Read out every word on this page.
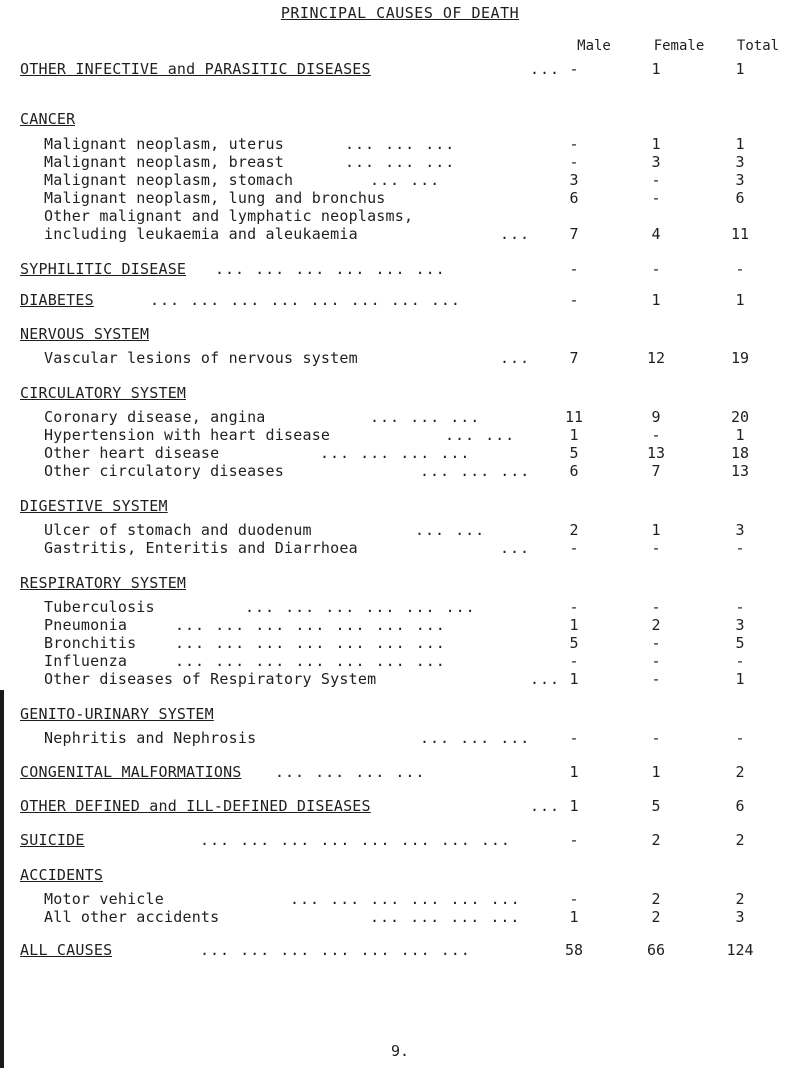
PRINCIPAL CAUSES OF DEATH
Male	Female	Total
OTHER INFECTIVE and PARASITIC DISEASES	... -	1	1
CANCER
Malignant neoplasm, uterus	... ... ...	-	1	1
Malignant neoplasm, breast	... ... ...	-	3	3
Malignant neoplasm, stomach	... ...	3	-	3
Malignant neoplasm, lung and bronchus	6	-	6
Other malignant and lymphatic neoplasms,
including leukaemia and aleukaemia	...	7	4	11
SYPHILITIC DISEASE ... ... ... ... ... ...	-	-	-
DIABETES	... ... ... ... ... ... ... ...	-	1	1
NERVOUS SYSTEM
Vascular lesions of nervous system	...	7	12	19
CIRCULATORY SYSTEM
Coronary disease, angina	... ... ...	11	9	20
Hypertension with heart disease	... ...	1	-	1
Other heart disease	... ... ... ...	5	13	18
Other circulatory diseases	... ... ...	6	7	13
DIGESTIVE SYSTEM
Ulcer of stomach and duodenum	... ...	2	1	3
Gastritis, Enteritis and Diarrhoea	...	-	-	-
RESPIRATORY SYSTEM
Tuberculosis	... ... ... ... ... ...	-	-	-
Pneumonia	... ... ... ... ... ... ...	1	2	3
Bronchitis	... ... ... ... ... ... ...	5	-	5
Influenza	... ... ... ... ... ... ...	-	-	-
Other diseases of Respiratory System	... 1	-	1
GENITO-URINARY SYSTEM
Nephritis and Nephrosis	... ... ...	-	-	-
CONGENITAL MALFORMATIONS ... ... ... ...	1	1	2
OTHER DEFINED and ILL-DEFINED DISEASES	... 1	5	6
SUICIDE	... ... ... ... ... ... ... ...	-	2	2
ACCIDENTS
Motor vehicle	... ... ... ... ... ...	-	2	2
All other accidents	... ... ... ...	1	2	3
ALL CAUSES	... ... ... ... ... ... ...	58	66	124
9.
